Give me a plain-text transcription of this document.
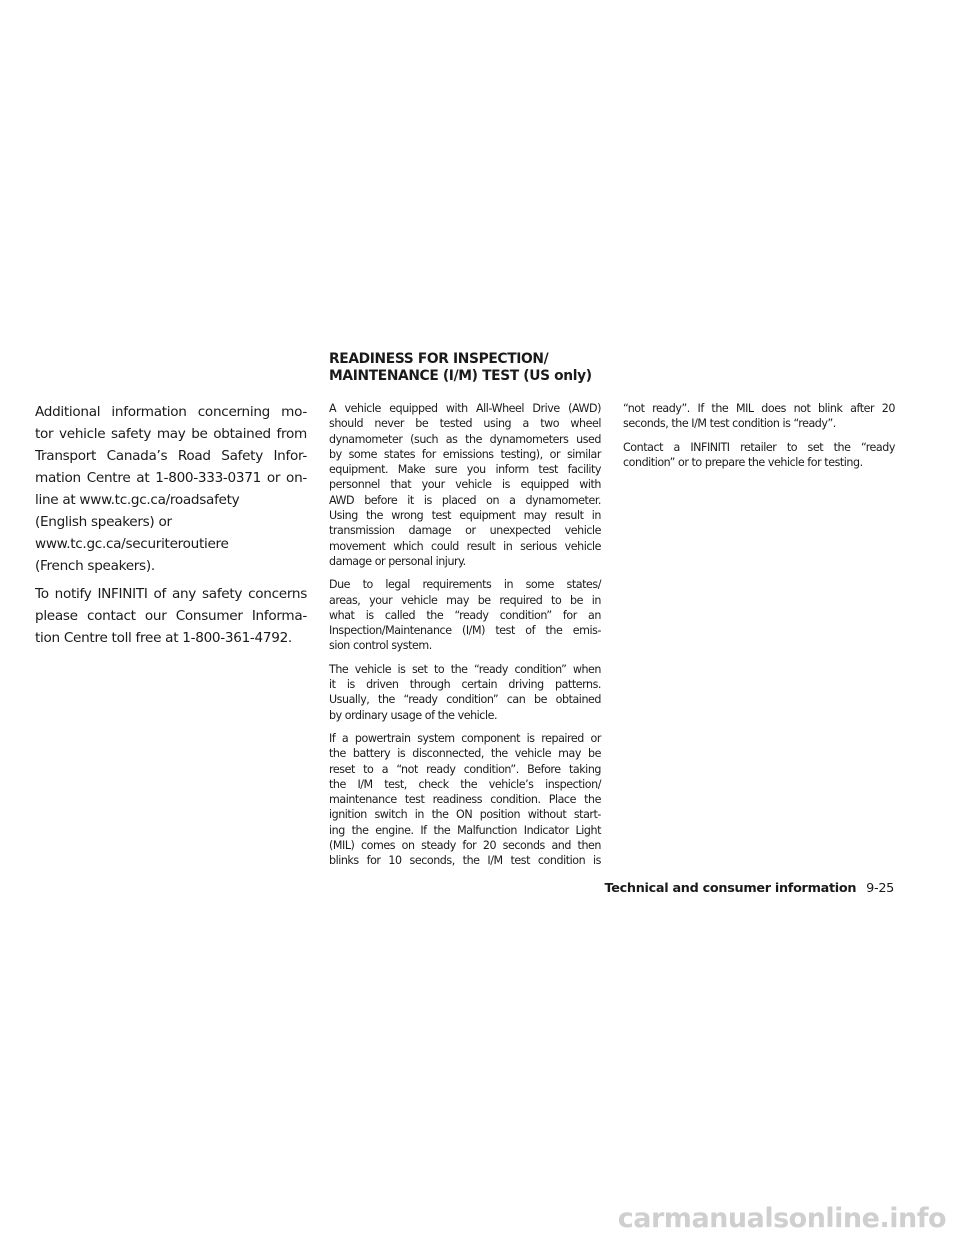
READINESS FOR INSPECTION/
MAINTENANCE (I/M) TEST (US only)

Additional information concerning mo-
tor vehicle safety may be obtained from
Transport Canada’s Road Safety Infor-
mation Centre at 1-800-333-0371 or on-
line at www.tc.gc.ca/roadsafety
(English speakers) or
www.tc.gc.ca/securiteroutiere
(French speakers).

To notify INFINITI of any safety concerns
please contact our Consumer Informa-
tion Centre toll free at 1-800-361-4792.

A vehicle equipped with All-Wheel Drive (AWD)
should never be tested using a two wheel
dynamometer (such as the dynamometers used
by some states for emissions testing), or similar
equipment. Make sure you inform test facility
personnel that your vehicle is equipped with
AWD before it is placed on a dynamometer.
Using the wrong test equipment may result in
transmission damage or unexpected vehicle
movement which could result in serious vehicle
damage or personal injury.

Due to legal requirements in some states/
areas, your vehicle may be required to be in
what is called the “ready condition” for an
Inspection/Maintenance (I/M) test of the emis-
sion control system.

The vehicle is set to the “ready condition” when
it is driven through certain driving patterns.
Usually, the “ready condition” can be obtained
by ordinary usage of the vehicle.

If a powertrain system component is repaired or
the battery is disconnected, the vehicle may be
reset to a “not ready condition”. Before taking
the I/M test, check the vehicle’s inspection/
maintenance test readiness condition. Place the
ignition switch in the ON position without start-
ing the engine. If the Malfunction Indicator Light
(MIL) comes on steady for 20 seconds and then
blinks for 10 seconds, the I/M test condition is

“not ready”. If the MIL does not blink after 20
seconds, the I/M test condition is “ready”.

Contact a INFINITI retailer to set the “ready
condition” or to prepare the vehicle for testing.

Technical and consumer information 9-25
carmanualsonline.info
